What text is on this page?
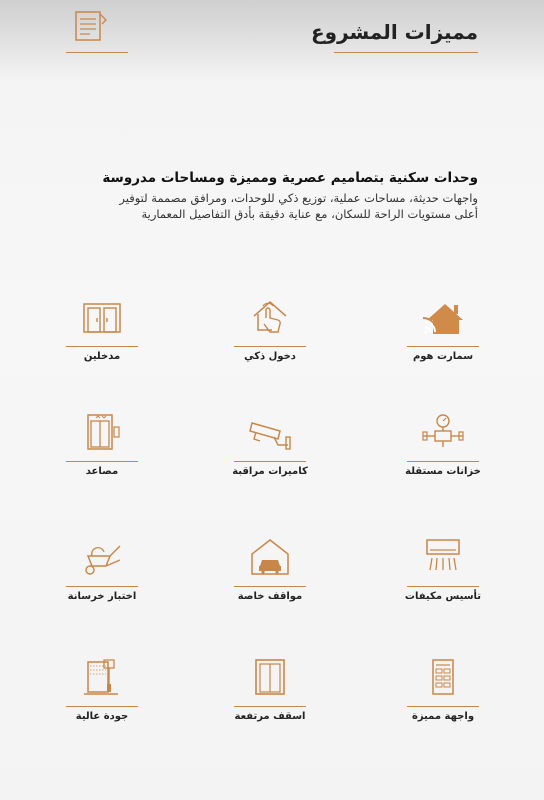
مميزات المشروع
وحدات سكنية بتصاميم عصرية ومميزة ومساحات مدروسة
واجهات حديثة، مساحات عملية، توزيع ذكي للوحدات، ومرافق مصممة لتوفير
أعلى مستويات الراحة للسكان، مع عناية دقيقة بأدق التفاصيل المعمارية
سمارت هوم
دخول ذكي
مدخلين
خزانات مستقلة
كاميرات مراقبة
مصاعد
تأسيس مكيفات
مواقف خاصة
اختبار خرسانة
واجهة مميزة
اسقف مرتفعة
جودة عالية
